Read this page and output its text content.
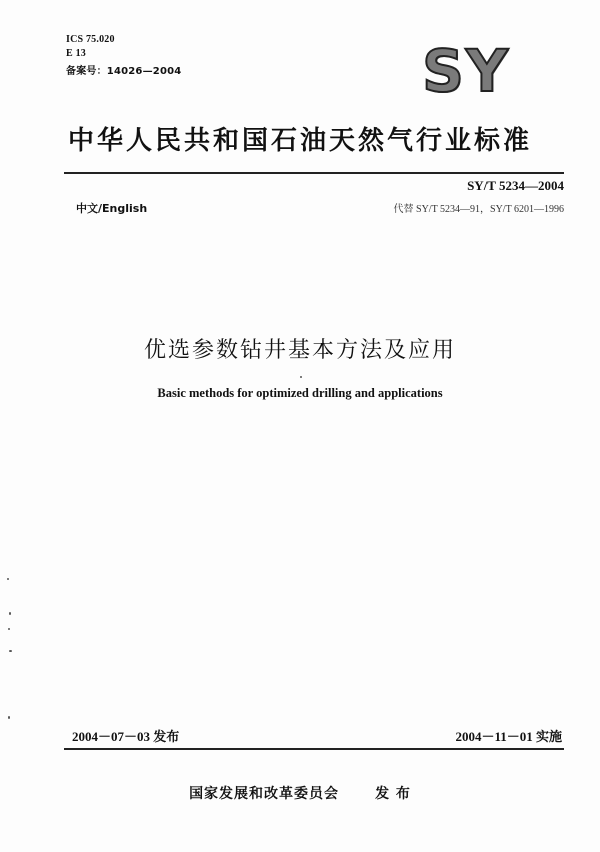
ICS 75.020
E 13
备案号：14026—2004	SY
中华人民共和国石油天然气行业标准
SY/T 5234—2004
中文/English	代替 SY/T 5234—91，SY/T 6201—1996
优选参数钻井基本方法及应用
Basic methods for optimized drilling and applications
2004－07－03 发布	2004－11－01 实施
国家发展和改革委员会	发 布
